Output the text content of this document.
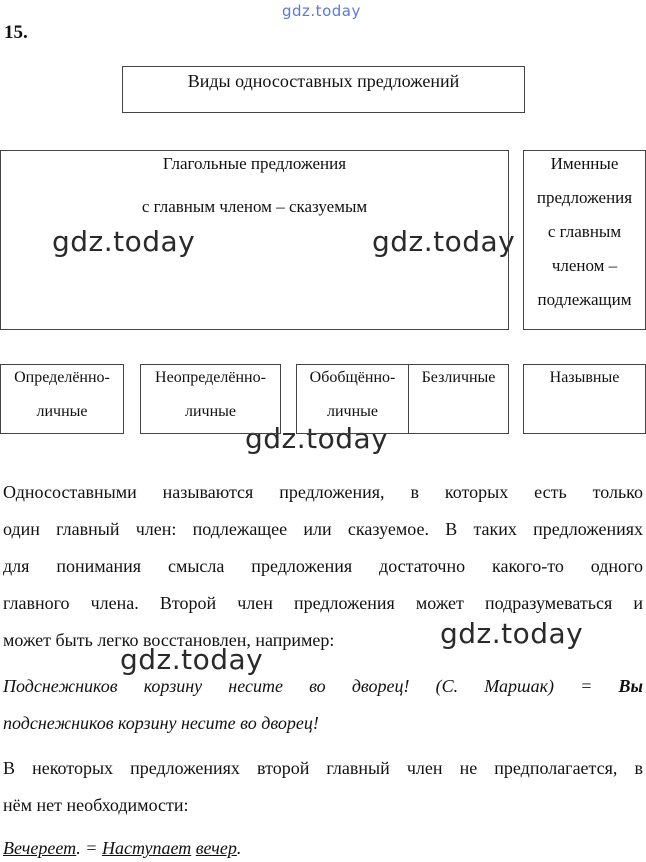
gdz.today
gdz.today	gdz.today
gdz.today
gdz.today
gdz.today
15.
Виды односоставных предложений
Глагольные предложения
с главным членом – сказуемым
Именные
предложения
с главным
членом –
подлежащим
Определённо-
личные
Неопределённо-
личные
Обобщённо-
личные
Безличные	Назывные
Односоставными называются предложения, в которых есть только
один главный член: подлежащее или сказуемое. В таких предложениях
для понимания смысла предложения достаточно какого-то одного
главного члена. Второй член предложения может подразумеваться и
может быть легко восстановлен, например:
Подснежников корзину несите во дворец! (С. Маршак) = Вы
подснежников корзину несите во дворец!
В некоторых предложениях второй главный член не предполагается, в
нём нет необходимости:
Вечереет. = Наступает вечер.
